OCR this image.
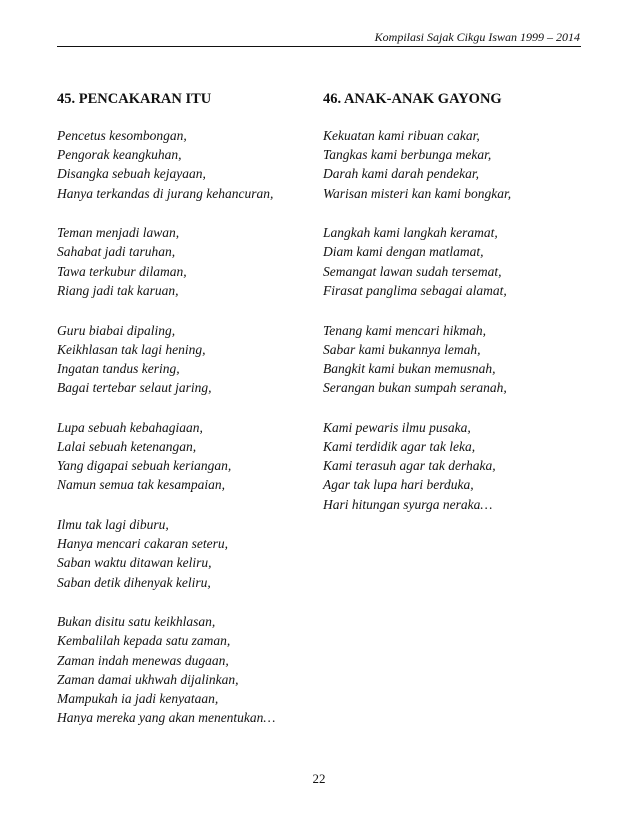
Kompilasi Sajak Cikgu Iswan 1999 – 2014
45. PENCAKARAN ITU
Pencetus kesombongan,
Pengorak keangkuhan,
Disangka sebuah kejayaan,
Hanya terkandas di jurang kehancuran,
Teman menjadi lawan,
Sahabat jadi taruhan,
Tawa terkubur dilaman,
Riang jadi tak karuan,
Guru biabai dipaling,
Keikhlasan tak lagi hening,
Ingatan tandus kering,
Bagai tertebar selaut jaring,
Lupa sebuah kebahagiaan,
Lalai sebuah ketenangan,
Yang digapai sebuah keriangan,
Namun semua tak kesampaian,
Ilmu tak lagi diburu,
Hanya mencari cakaran seteru,
Saban waktu ditawan keliru,
Saban detik dihenyak keliru,
Bukan disitu satu keikhlasan,
Kembalilah kepada satu zaman,
Zaman indah menewas dugaan,
Zaman damai ukhwah dijalinkan,
Mampukah ia jadi kenyataan,
Hanya mereka yang akan menentukan…
46. ANAK-ANAK GAYONG
Kekuatan kami ribuan cakar,
Tangkas kami berbunga mekar,
Darah kami darah pendekar,
Warisan misteri kan kami bongkar,
Langkah kami langkah keramat,
Diam kami dengan matlamat,
Semangat lawan sudah tersemat,
Firasat panglima sebagai alamat,
Tenang kami mencari hikmah,
Sabar kami bukannya lemah,
Bangkit kami bukan memusnah,
Serangan bukan sumpah seranah,
Kami pewaris ilmu pusaka,
Kami terdidik agar tak leka,
Kami terasuh agar tak derhaka,
Agar tak lupa hari berduka,
Hari hitungan syurga neraka…
22
